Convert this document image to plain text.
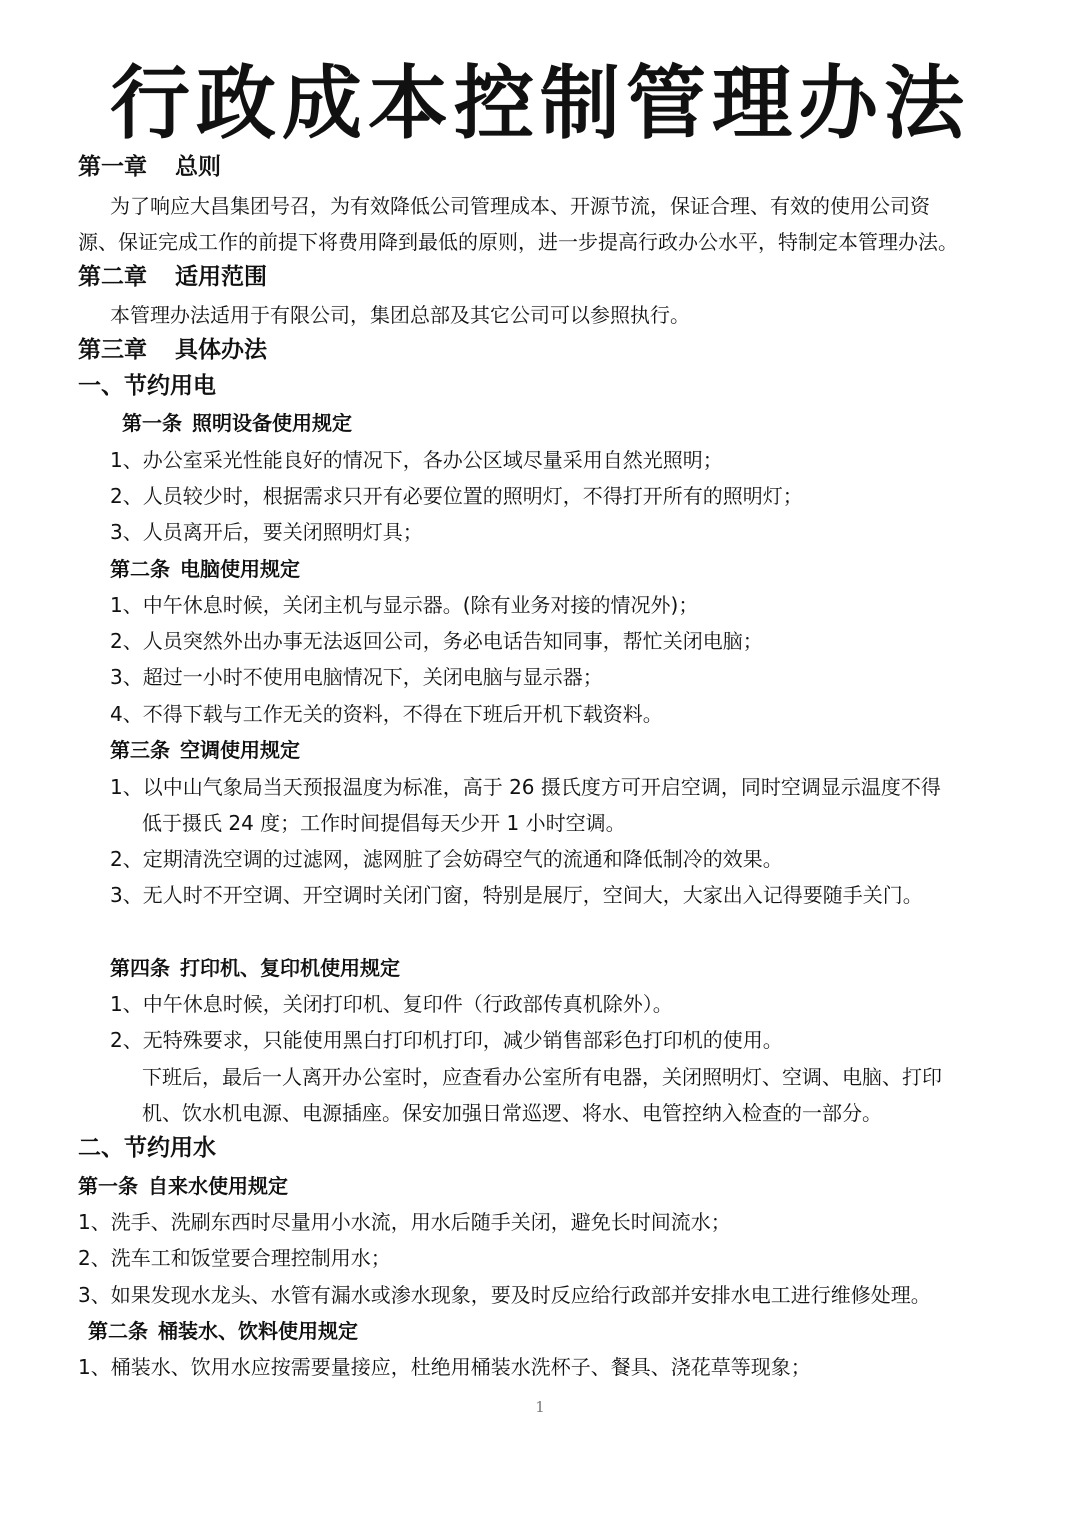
行政成本控制管理办法
第一章 总则
为了响应大昌集团号召，为有效降低公司管理成本、开源节流，保证合理、有效的使用公司资
源、保证完成工作的前提下将费用降到最低的原则，进一步提高行政办公水平，特制定本管理办法。
第二章 适用范围
本管理办法适用于有限公司，集团总部及其它公司可以参照执行。
第三章 具体办法
一、节约用电
第一条 照明设备使用规定
1、办公室采光性能良好的情况下，各办公区域尽量采用自然光照明；
2、人员较少时，根据需求只开有必要位置的照明灯，不得打开所有的照明灯；
3、人员离开后，要关闭照明灯具；
第二条 电脑使用规定
1、中午休息时候，关闭主机与显示器。(除有业务对接的情况外)；
2、人员突然外出办事无法返回公司，务必电话告知同事，帮忙关闭电脑；
3、超过一小时不使用电脑情况下，关闭电脑与显示器；
4、不得下载与工作无关的资料，不得在下班后开机下载资料。
第三条 空调使用规定
1、以中山气象局当天预报温度为标准，高于 26 摄氏度方可开启空调，同时空调显示温度不得
低于摄氏 24 度；工作时间提倡每天少开 1 小时空调。
2、定期清洗空调的过滤网，滤网脏了会妨碍空气的流通和降低制冷的效果。
3、无人时不开空调、开空调时关闭门窗，特别是展厅，空间大，大家出入记得要随手关门。
第四条 打印机、复印机使用规定
1、中午休息时候，关闭打印机、复印件（行政部传真机除外）。
2、无特殊要求，只能使用黑白打印机打印，减少销售部彩色打印机的使用。
下班后，最后一人离开办公室时，应查看办公室所有电器，关闭照明灯、空调、电脑、打印
机、饮水机电源、电源插座。保安加强日常巡逻、将水、电管控纳入检查的一部分。
二、节约用水
第一条 自来水使用规定
1、洗手、洗刷东西时尽量用小水流，用水后随手关闭，避免长时间流水；
2、洗车工和饭堂要合理控制用水；
3、如果发现水龙头、水管有漏水或渗水现象，要及时反应给行政部并安排水电工进行维修处理。
第二条 桶装水、饮料使用规定
1、桶装水、饮用水应按需要量接应，杜绝用桶装水洗杯子、餐具、浇花草等现象；
1
